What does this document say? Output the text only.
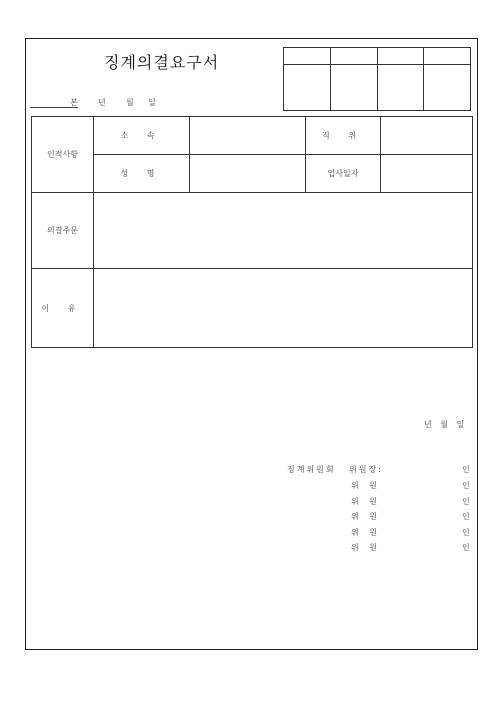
징계의결요구서

본	년	월 일
인적사항	소 속		직 위	
	성 명		입사일자	
의결주문				
이 유				
년 월 일
징계위원회 위원장:	인
위 원	인
위 원	인
위 원	인
위 원	인
위 원	인
